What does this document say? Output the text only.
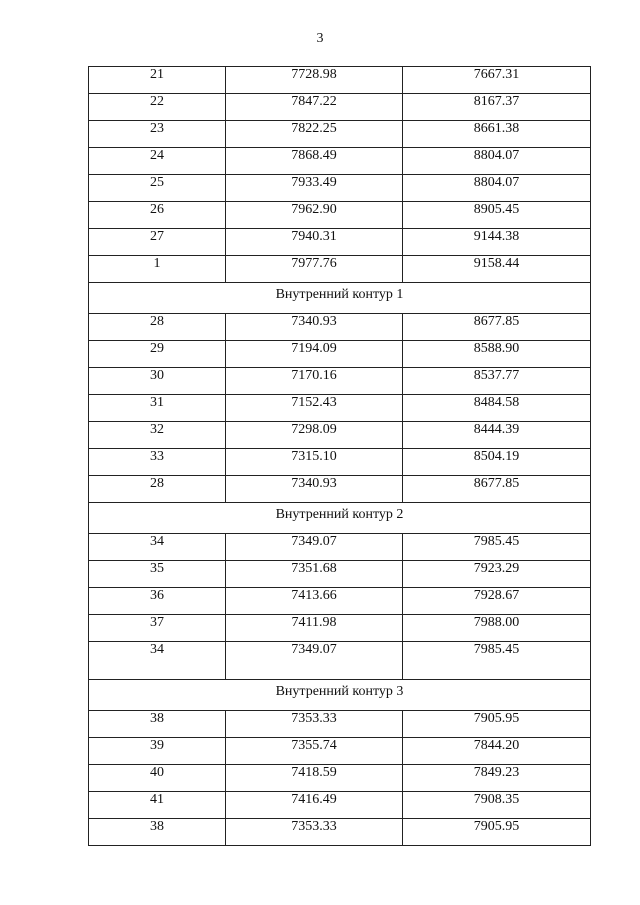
3
21	7728.98	7667.31
22	7847.22	8167.37
23	7822.25	8661.38
24	7868.49	8804.07
25	7933.49	8804.07
26	7962.90	8905.45
27	7940.31	9144.38
1	7977.76	9158.44
Внутренний контур 1		
28	7340.93	8677.85
29	7194.09	8588.90
30	7170.16	8537.77
31	7152.43	8484.58
32	7298.09	8444.39
33	7315.10	8504.19
28	7340.93	8677.85
Внутренний контур 2		
34	7349.07	7985.45
35	7351.68	7923.29
36	7413.66	7928.67
37	7411.98	7988.00
34	7349.07	7985.45
Внутренний контур 3		
38	7353.33	7905.95
39	7355.74	7844.20
40	7418.59	7849.23
41	7416.49	7908.35
38	7353.33	7905.95
